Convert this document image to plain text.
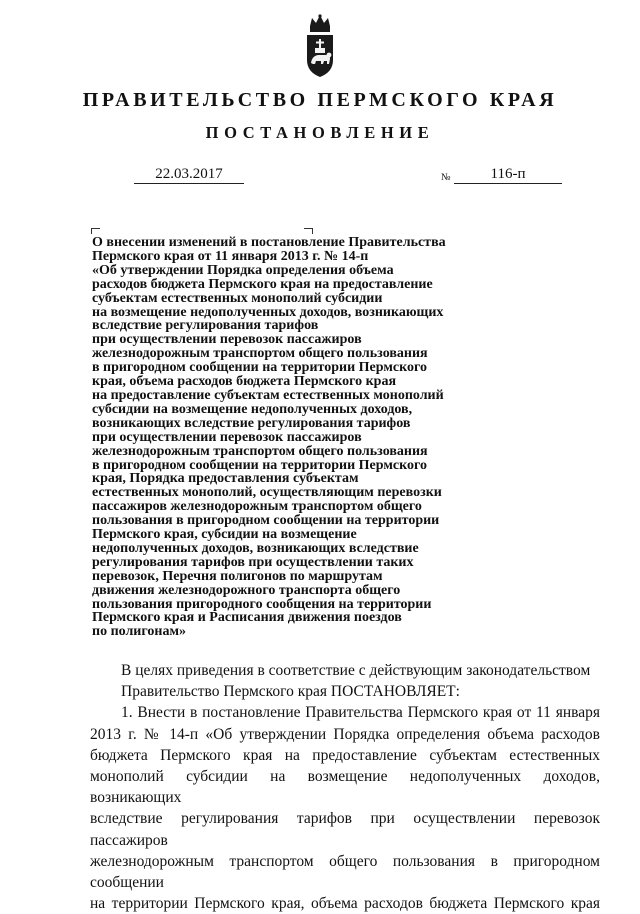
ПРАВИТЕЛЬСТВО ПЕРМСКОГО КРАЯ
ПОСТАНОВЛЕНИЕ
22.03.2017	№	116-п
О внесении изменений в постановление Правительства
Пермского края от 11 января 2013 г. № 14-п
«Об утверждении Порядка определения объема
расходов бюджета Пермского края на предоставление
субъектам естественных монополий субсидии
на возмещение недополученных доходов, возникающих
вследствие регулирования тарифов
при осуществлении перевозок пассажиров
железнодорожным транспортом общего пользования
в пригородном сообщении на территории Пермского
края, объема расходов бюджета Пермского края
на предоставление субъектам естественных монополий
субсидии на возмещение недополученных доходов,
возникающих вследствие регулирования тарифов
при осуществлении перевозок пассажиров
железнодорожным транспортом общего пользования
в пригородном сообщении на территории Пермского
края, Порядка предоставления субъектам
естественных монополий, осуществляющим перевозки
пассажиров железнодорожным транспортом общего
пользования в пригородном сообщении на территории
Пермского края, субсидии на возмещение
недополученных доходов, возникающих вследствие
регулирования тарифов при осуществлении таких
перевозок, Перечня полигонов по маршрутам
движения железнодорожного транспорта общего
пользования пригородного сообщения на территории
Пермского края и Расписания движения поездов
по полигонам»
В целях приведения в соответствие с действующим законодательством
Правительство Пермского края ПОСТАНОВЛЯЕТ:
1. Внести в постановление Правительства Пермского края от 11 января
2013 г. № 14-п «Об утверждении Порядка определения объема расходов
бюджета Пермского края на предоставление субъектам естественных
монополий субсидии на возмещение недополученных доходов, возникающих
вследствие регулирования тарифов при осуществлении перевозок пассажиров
железнодорожным транспортом общего пользования в пригородном сообщении
на территории Пермского края, объема расходов бюджета Пермского края
